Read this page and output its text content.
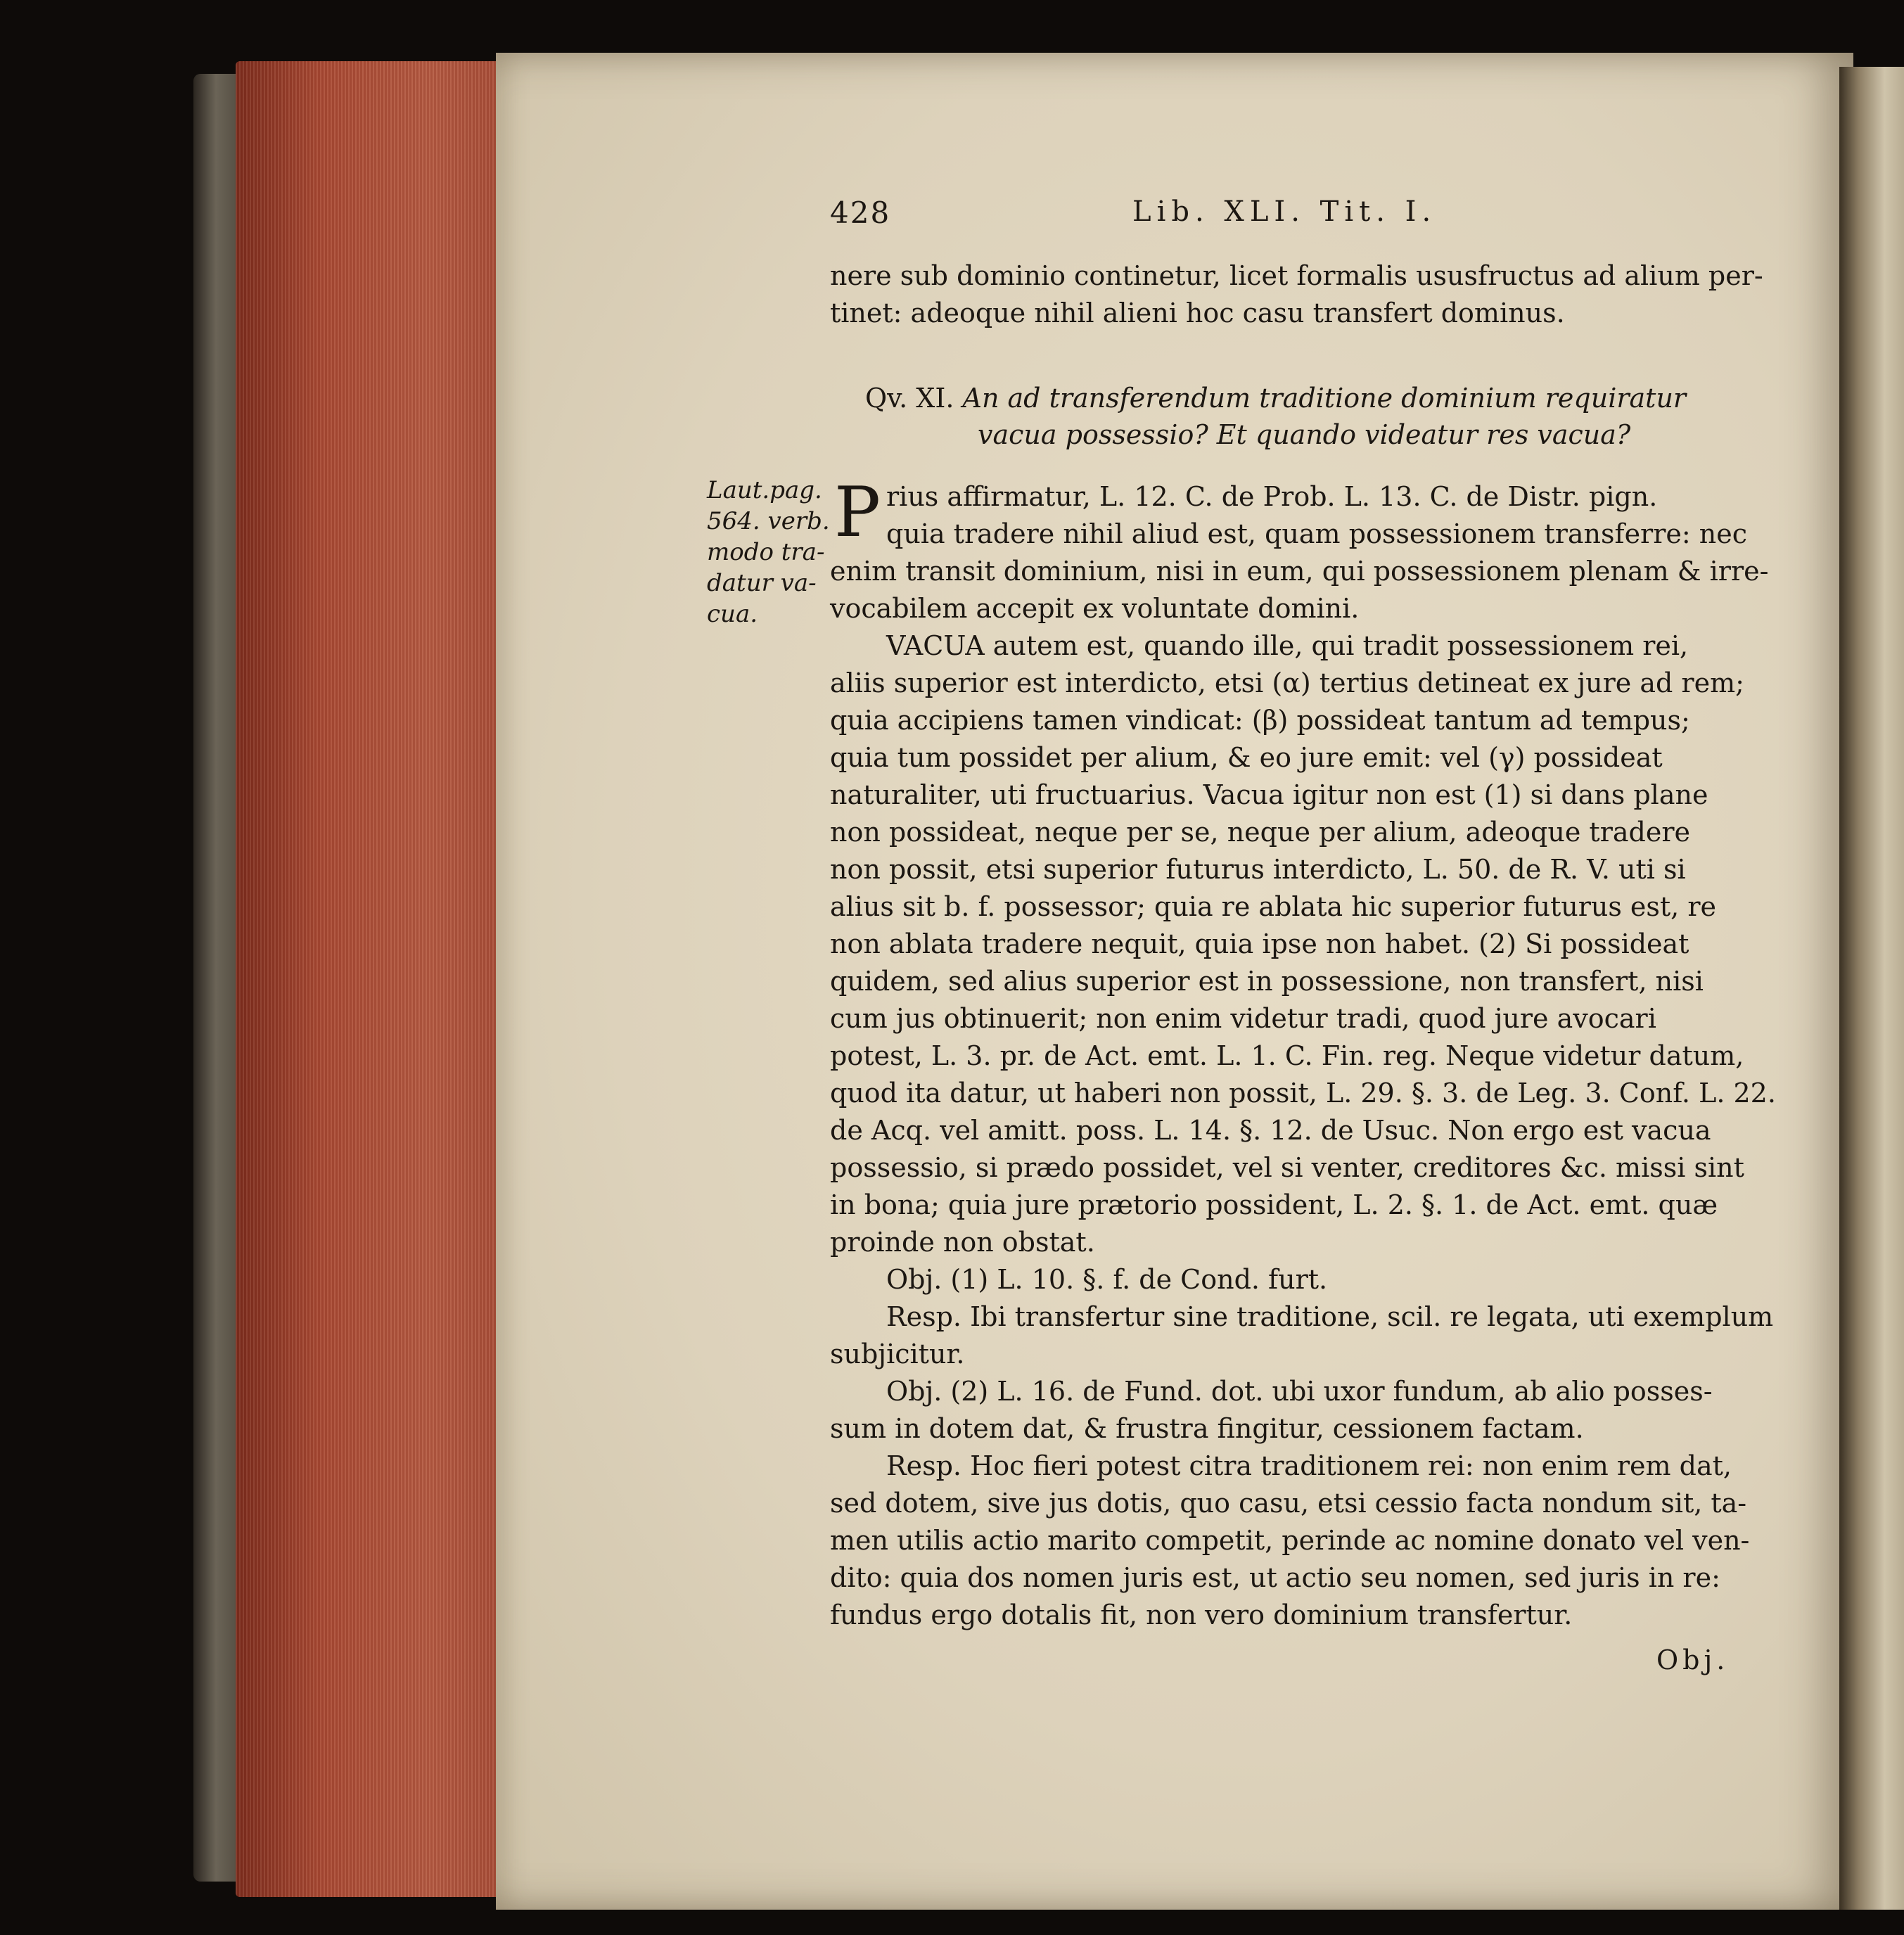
428	Lib. XLI. Tit. I.
nere sub dominio continetur, licet formalis ususfructus ad alium per-
tinet: adeoque nihil alieni hoc casu transfert dominus.
Qv. XI. An ad transferendum traditione dominium requiratur
vacua possessio? Et quando videatur res vacua?
Laut.pag.
564. verb.
modo tra-
datur va-
cua.
P rius affirmatur, L. 12. C. de Prob. L. 13. C. de Distr. pign.
quia tradere nihil aliud est, quam possessionem transferre: nec
enim transit dominium, nisi in eum, qui possessionem plenam & irre-
vocabilem accepit ex voluntate domini.
VACUA autem est, quando ille, qui tradit possessionem rei,
aliis superior est interdicto, etsi (α) tertius detineat ex jure ad rem;
quia accipiens tamen vindicat: (β) possideat tantum ad tempus;
quia tum possidet per alium, & eo jure emit: vel (γ) possideat
naturaliter, uti fructuarius. Vacua igitur non est (1) si dans plane
non possideat, neque per se, neque per alium, adeoque tradere
non possit, etsi superior futurus interdicto, L. 50. de R. V. uti si
alius sit b. f. possessor; quia re ablata hic superior futurus est, re
non ablata tradere nequit, quia ipse non habet. (2) Si possideat
quidem, sed alius superior est in possessione, non transfert, nisi
cum jus obtinuerit; non enim videtur tradi, quod jure avocari
potest, L. 3. pr. de Act. emt. L. 1. C. Fin. reg. Neque videtur datum,
quod ita datur, ut haberi non possit, L. 29. §. 3. de Leg. 3. Conf. L. 22.
de Acq. vel amitt. poss. L. 14. §. 12. de Usuc. Non ergo est vacua
possessio, si prædo possidet, vel si venter, creditores &c. missi sint
in bona; quia jure prætorio possident, L. 2. §. 1. de Act. emt. quæ
proinde non obstat.
Obj. (1) L. 10. §. f. de Cond. furt.
Resp. Ibi transfertur sine traditione, scil. re legata, uti exemplum
subjicitur.
Obj. (2) L. 16. de Fund. dot. ubi uxor fundum, ab alio posses-
sum in dotem dat, & frustra fingitur, cessionem factam.
Resp. Hoc fieri potest citra traditionem rei: non enim rem dat,
sed dotem, sive jus dotis, quo casu, etsi cessio facta nondum sit, ta-
men utilis actio marito competit, perinde ac nomine donato vel ven-
dito: quia dos nomen juris est, ut actio seu nomen, sed juris in re:
fundus ergo dotalis fit, non vero dominium transfertur.
Obj.
